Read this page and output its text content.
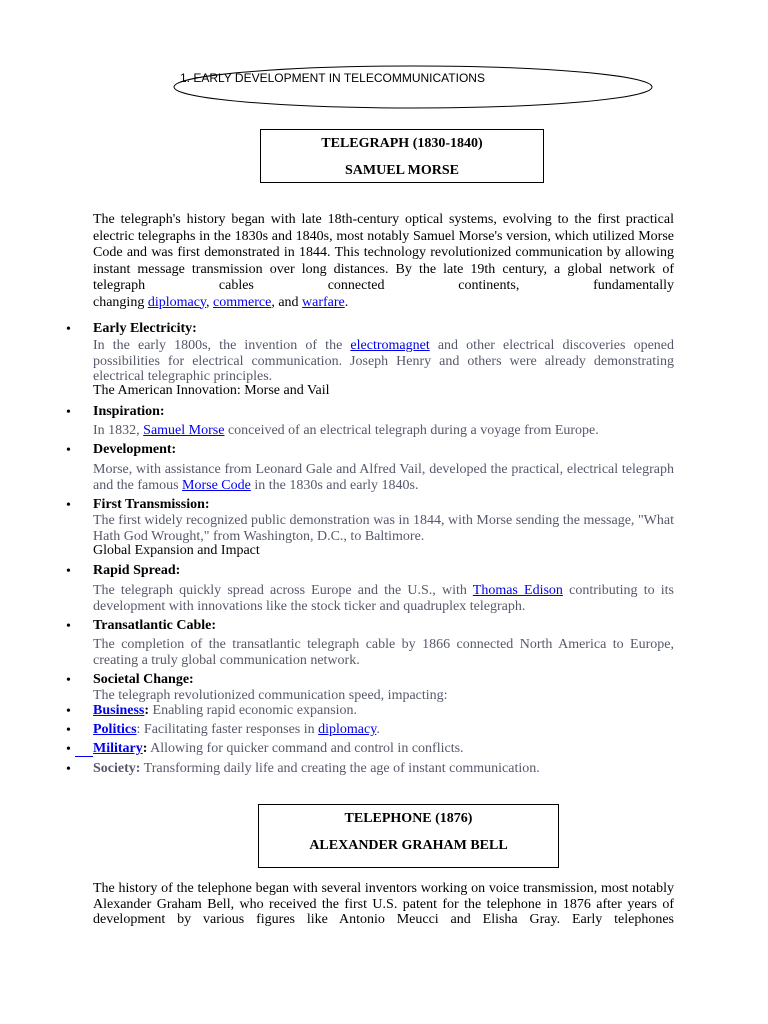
1. EARLY DEVELOPMENT IN TELECOMMUNICATIONS
TELEGRAPH (1830-1840)
SAMUEL MORSE
The telegraph's history began with late 18th-century optical systems, evolving to the first practical electric telegraphs in the 1830s and 1840s, most notably Samuel Morse's version, which utilized Morse Code and was first demonstrated in 1844. This technology revolutionized communication by allowing instant message transmission over long distances. By the late 19th century, a global network of telegraph cables connected continents, fundamentally
changing diplomacy, commerce, and warfare.
• Early Electricity:
In the early 1800s, the invention of the electromagnet and other electrical discoveries opened possibilities for electrical communication. Joseph Henry and others were already demonstrating electrical telegraphic principles.
The American Innovation: Morse and Vail
• Inspiration:
In 1832, Samuel Morse conceived of an electrical telegraph during a voyage from Europe.
• Development:
Morse, with assistance from Leonard Gale and Alfred Vail, developed the practical, electrical telegraph and the famous Morse Code in the 1830s and early 1840s.
• First Transmission:
The first widely recognized public demonstration was in 1844, with Morse sending the message, "What Hath God Wrought," from Washington, D.C., to Baltimore.
Global Expansion and Impact
• Rapid Spread:
The telegraph quickly spread across Europe and the U.S., with Thomas Edison contributing to its development with innovations like the stock ticker and quadruplex telegraph.
• Transatlantic Cable:
The completion of the transatlantic telegraph cable by 1866 connected North America to Europe, creating a truly global communication network.
• Societal Change:
The telegraph revolutionized communication speed, impacting:
• Business: Enabling rapid economic expansion.
• Politics: Facilitating faster responses in diplomacy.
• Military: Allowing for quicker command and control in conflicts.
• Society: Transforming daily life and creating the age of instant communication.
TELEPHONE (1876)
ALEXANDER GRAHAM BELL
The history of the telephone began with several inventors working on voice transmission, most notably Alexander Graham Bell, who received the first U.S. patent for the telephone in 1876 after years of development by various figures like Antonio Meucci and Elisha Gray. Early telephones
